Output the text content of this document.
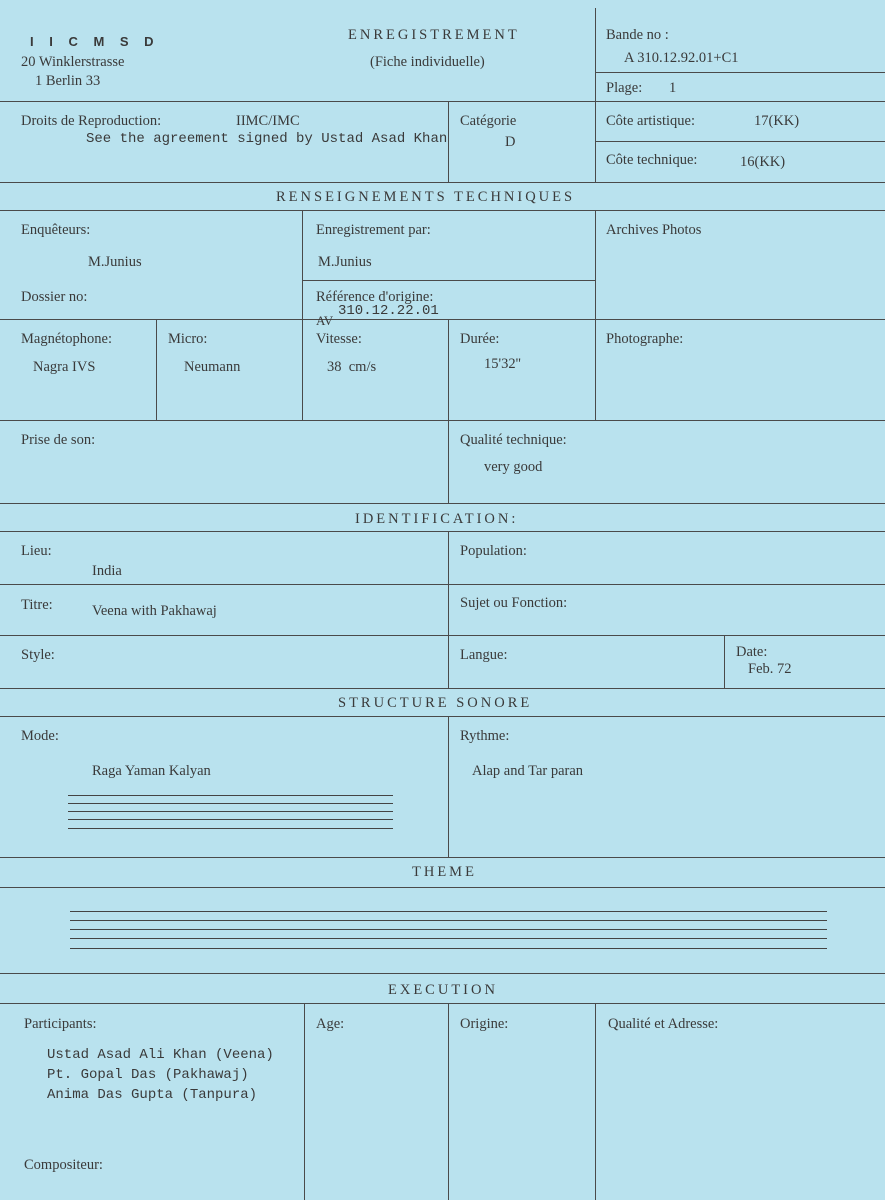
I I C M S D
20 Winklerstrasse
1 Berlin 33
ENREGISTREMENT
(Fiche individuelle)
Bande no :
A 310.12.92.01+C1
Plage: 1
Droits de Reproduction:	IIMC/IMC
See the agreement signed by Ustad Asad Khan
Catégorie
D
Côte artistique:	17(KK)
Côte technique:	16(KK)
RENSEIGNEMENTS TECHNIQUES
Enquêteurs:
M.Junius
Enregistrement par:
M.Junius
Archives Photos
Dossier no:	Référence d'origine:
310.12.22.01
AV
Magnétophone:
Nagra IVS
Micro:
Neumann
Vitesse:
38  cm/s
Durée:
15'32''
Photographe:
Prise de son:	Qualité technique:
very good
IDENTIFICATION:
Lieu:
India
Population:
Titre:	Veena with Pakhawaj	Sujet ou Fonction:
Style:	Langue:	Date:
Feb. 72
STRUCTURE SONORE
Mode:
Raga Yaman Kalyan
Rythme:
Alap and Tar paran
THEME
EXECUTION
Participants:
Ustad Asad Ali Khan (Veena)
Pt. Gopal Das (Pakhawaj)
Anima Das Gupta (Tanpura)
Age:	Origine:	Qualité et Adresse:
Compositeur:
